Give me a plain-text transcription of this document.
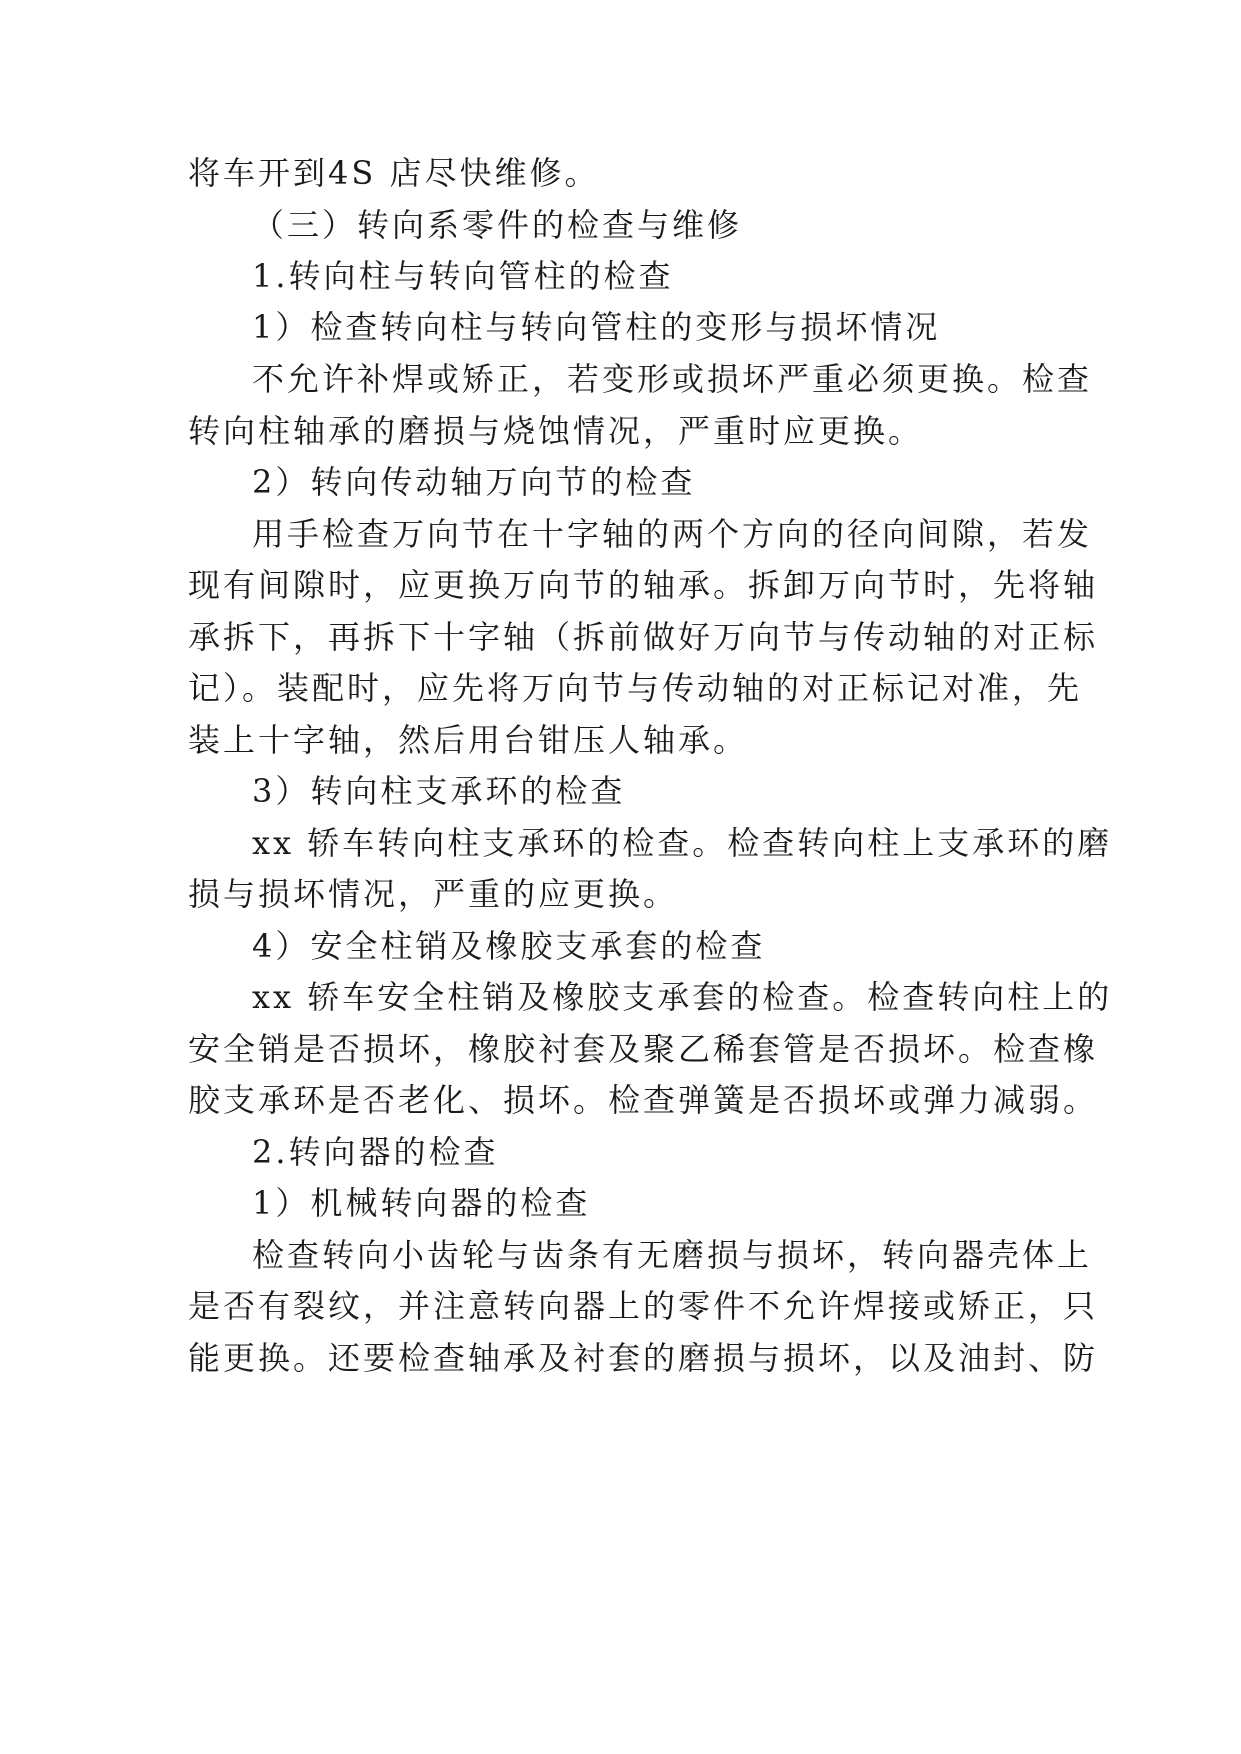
将车开到4S 店尽快维修。
（三）转向系零件的检查与维修
1.转向柱与转向管柱的检查
1）检查转向柱与转向管柱的变形与损坏情况
不允许补焊或矫正，若变形或损坏严重必须更换。检查
转向柱轴承的磨损与烧蚀情况，严重时应更换。
2）转向传动轴万向节的检查
用手检查万向节在十字轴的两个方向的径向间隙，若发
现有间隙时，应更换万向节的轴承。拆卸万向节时，先将轴
承拆下，再拆下十字轴（拆前做好万向节与传动轴的对正标
记）。装配时，应先将万向节与传动轴的对正标记对准，先
装上十字轴，然后用台钳压人轴承。
3）转向柱支承环的检查
xx 轿车转向柱支承环的检查。检查转向柱上支承环的磨
损与损坏情况，严重的应更换。
4）安全柱销及橡胶支承套的检查
xx 轿车安全柱销及橡胶支承套的检查。检查转向柱上的
安全销是否损坏，橡胶衬套及聚乙稀套管是否损坏。检查橡
胶支承环是否老化、损坏。检查弹簧是否损坏或弹力减弱。
2.转向器的检查
1）机械转向器的检查
检查转向小齿轮与齿条有无磨损与损坏，转向器壳体上
是否有裂纹，并注意转向器上的零件不允许焊接或矫正，只
能更换。还要检查轴承及衬套的磨损与损坏，以及油封、防
